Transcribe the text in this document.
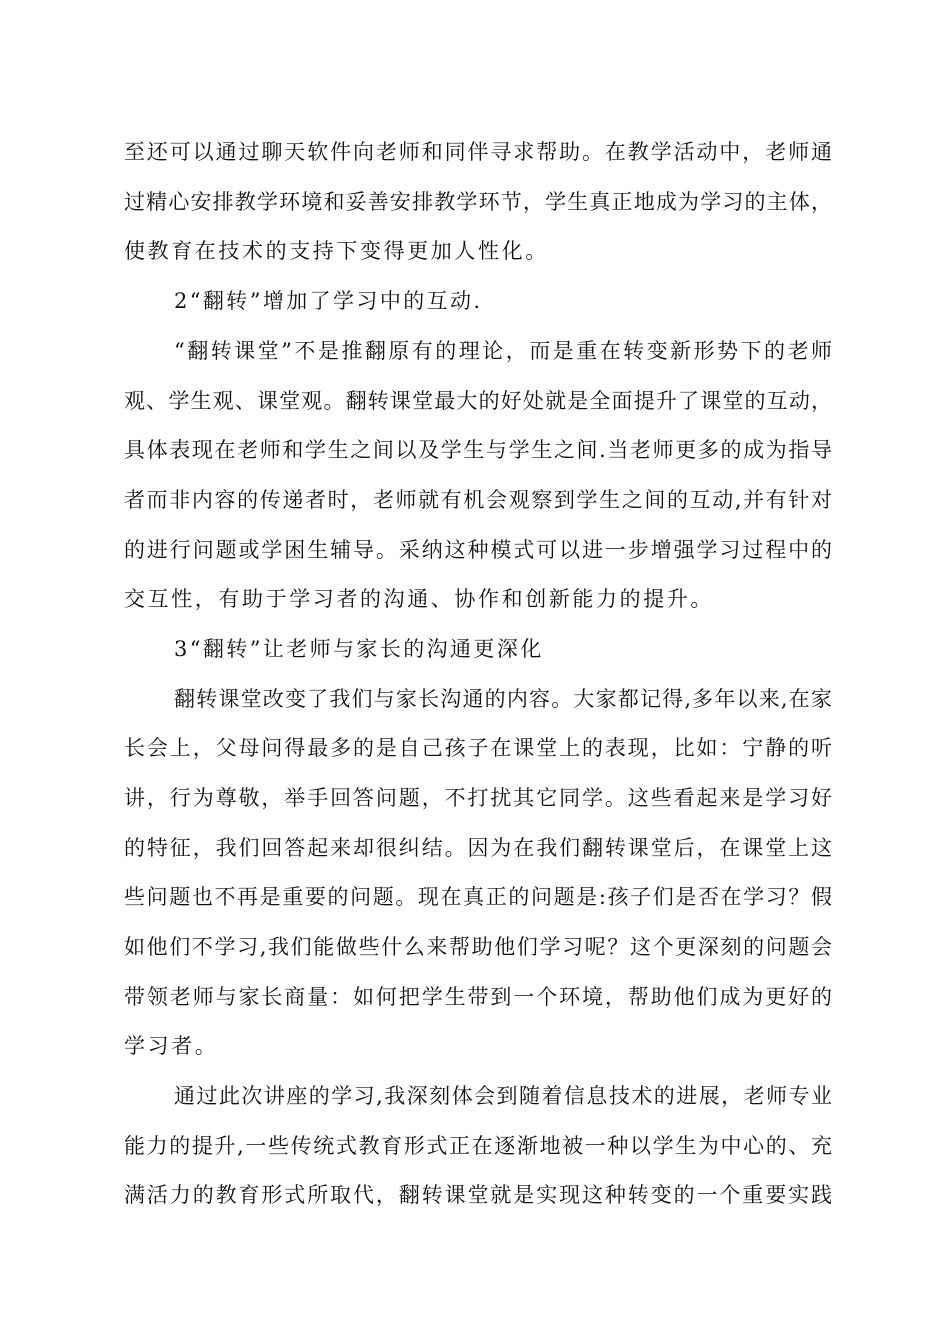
至还可以通过聊天软件向老师和同伴寻求帮助。在教学活动中，老师通
过精心安排教学环境和妥善安排教学环节，学生真正地成为学习的主体，
使教育在技术的支持下变得更加人性化。
2“翻转”增加了学习中的互动.
“翻转课堂”不是推翻原有的理论，而是重在转变新形势下的老师
观、学生观、课堂观。翻转课堂最大的好处就是全面提升了课堂的互动，
具体表现在老师和学生之间以及学生与学生之间.当老师更多的成为指导
者而非内容的传递者时，老师就有机会观察到学生之间的互动,并有针对
的进行问题或学困生辅导。采纳这种模式可以进一步增强学习过程中的
交互性，有助于学习者的沟通、协作和创新能力的提升。
3“翻转”让老师与家长的沟通更深化
翻转课堂改变了我们与家长沟通的内容。大家都记得,多年以来,在家
长会上，父母问得最多的是自己孩子在课堂上的表现，比如：宁静的听
讲，行为尊敬，举手回答问题，不打扰其它同学。这些看起来是学习好
的特征，我们回答起来却很纠结。因为在我们翻转课堂后，在课堂上这
些问题也不再是重要的问题。现在真正的问题是:孩子们是否在学习？假
如他们不学习,我们能做些什么来帮助他们学习呢？这个更深刻的问题会
带领老师与家长商量：如何把学生带到一个环境，帮助他们成为更好的
学习者。
通过此次讲座的学习,我深刻体会到随着信息技术的进展，老师专业
能力的提升,一些传统式教育形式正在逐渐地被一种以学生为中心的、充
满活力的教育形式所取代，翻转课堂就是实现这种转变的一个重要实践
